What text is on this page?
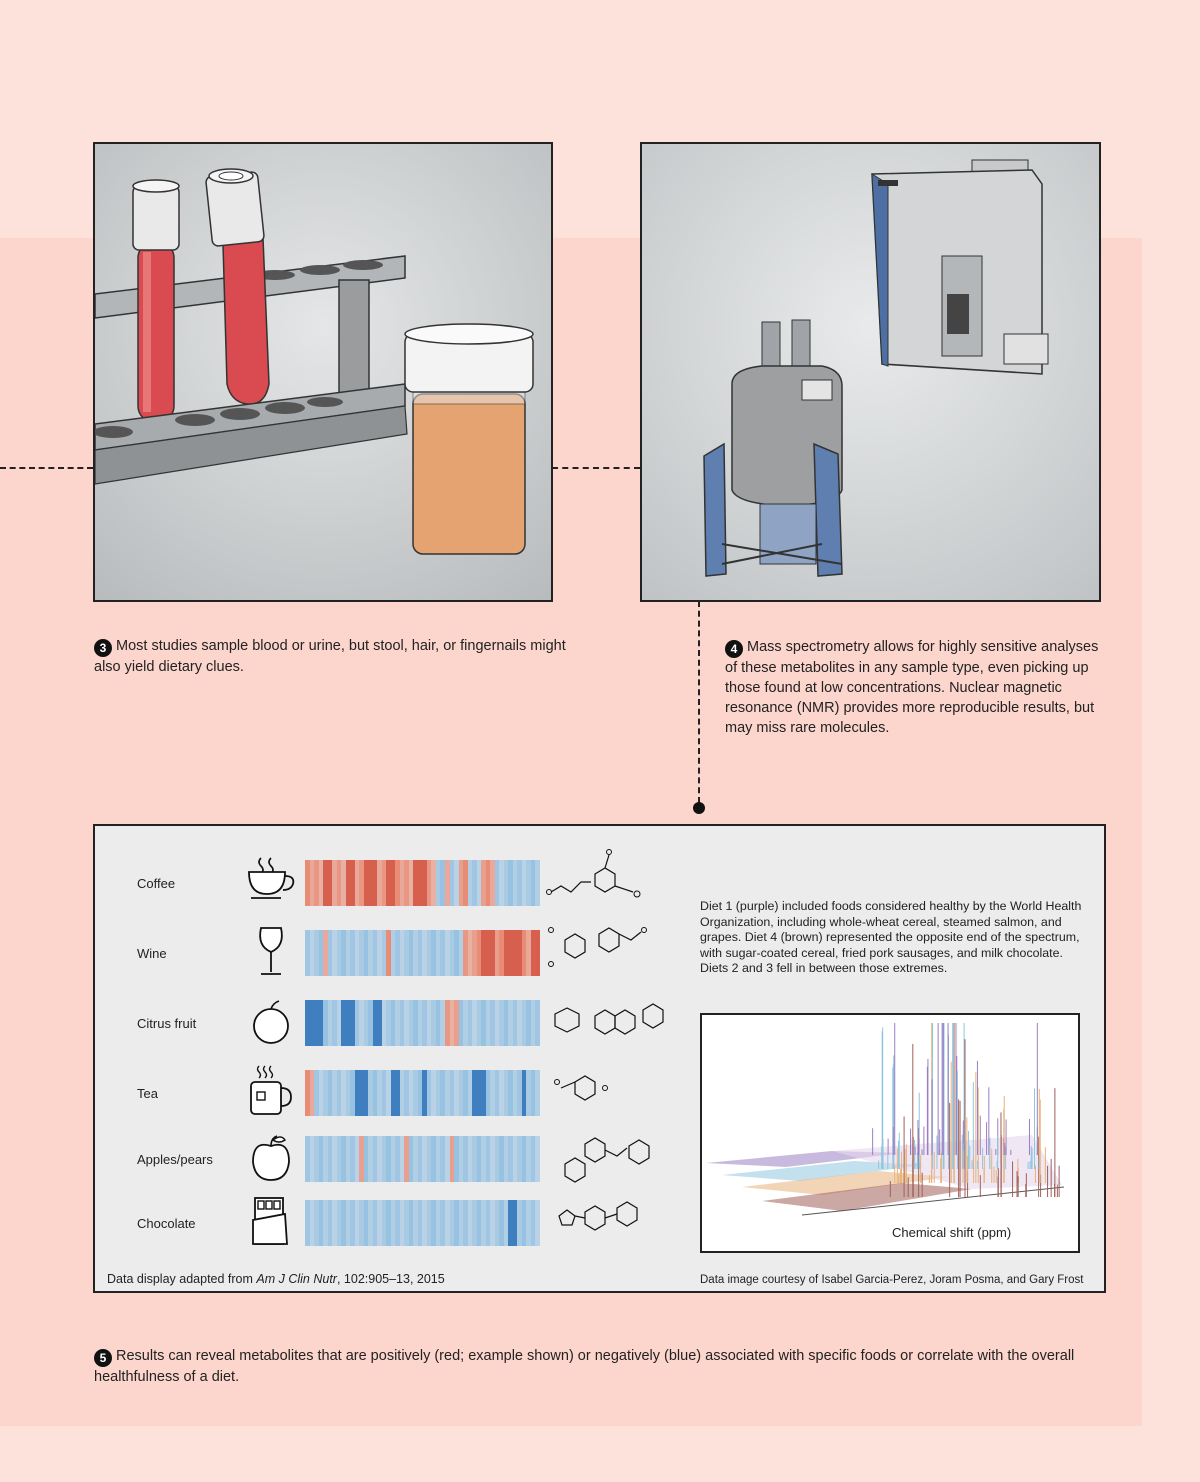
3 Most studies sample blood or urine, but stool, hair, or fingernails might also yield dietary clues.
4 Mass spectrometry allows for highly sensitive analyses of these metabolites in any sample type, even picking up those found at low concentrations. Nuclear magnetic resonance (NMR) provides more reproducible results, but may miss rare molecules.
Coffee
Wine
Citrus fruit
Tea
Apples/pears
Chocolate
Diet 1 (purple) included foods considered healthy by the World Health Organization, including whole-wheat cereal, steamed salmon, and grapes. Diet 4 (brown) represented the opposite end of the spectrum, with sugar-coated cereal, fried pork sausages, and milk chocolate. Diets 2 and 3 fell in between those extremes.
Chemical shift (ppm)
Data display adapted from Am J Clin Nutr, 102:905–13, 2015	Data image courtesy of Isabel Garcia-Perez, Joram Posma, and Gary Frost
5 Results can reveal metabolites that are positively (red; example shown) or negatively (blue) associated with specific foods or correlate with the overall healthfulness of a diet.
